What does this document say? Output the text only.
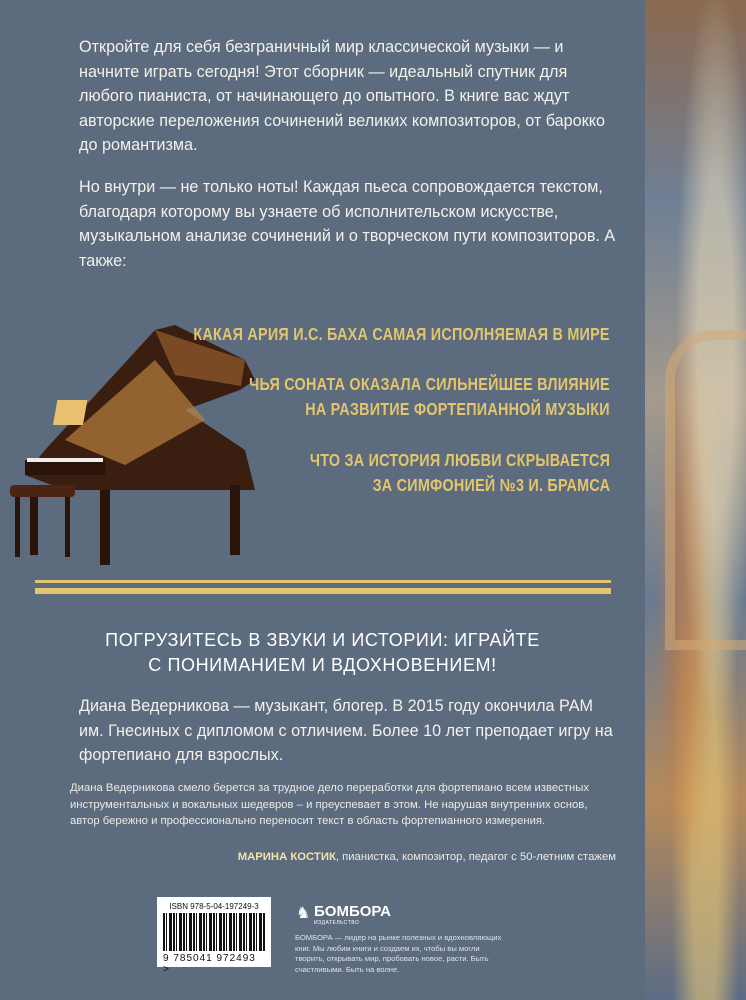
Откройте для себя безграничный мир классической музыки — и начните играть сегодня! Этот сборник — идеальный спутник для любого пианиста, от начинающего до опытного. В книге вас ждут авторские переложения сочинений великих композиторов, от барокко до романтизма.

Но внутри — не только ноты! Каждая пьеса сопровождается текстом, благодаря которому вы узнаете об исполнительском искусстве, музыкальном анализе сочинений и о творческом пути композиторов. А также:

КАКАЯ АРИЯ И.С. БАХА САМАЯ ИСПОЛНЯЕМАЯ В МИРЕ
ЧЬЯ СОНАТА ОКАЗАЛА СИЛЬНЕЙШЕЕ ВЛИЯНИЕ
НА РАЗВИТИЕ ФОРТЕПИАННОЙ МУЗЫКИ
ЧТО ЗА ИСТОРИЯ ЛЮБВИ СКРЫВАЕТСЯ
ЗА СИМФОНИЕЙ №3 И. БРАМСА
ПОГРУЗИТЕСЬ В ЗВУКИ И ИСТОРИИ: ИГРАЙТЕ
С ПОНИМАНИЕМ И ВДОХНОВЕНИЕМ!

Диана Ведерникова — музыкант, блогер. В 2015 году окончила РАМ им. Гнесиных с дипломом с отличием. Более 10 лет преподает игру на фортепиано для взрослых.

Диана Ведерникова смело берется за трудное дело переработки для фортепиано всем известных инструментальных и вокальных шедевров – и преуспевает в этом. Не нарушая внутренних основ, автор бережно и профессионально переносит текст в область фортепианного измерения.

МАРИНА КОСТИК, пианистка, композитор, педагог с 50-летним стажем
ISBN 978-5-04-197249-3
9 785041 972493 >
♞ БОМБОРА
ИЗДАТЕЛЬСТВО

БОМБОРА — лидер на рынке полезных и вдохновляющих книг. Мы любим книги и создаем их, чтобы вы могли творить, открывать мир, пробовать новое, расти. Быть счастливыми. Быть на волне.
